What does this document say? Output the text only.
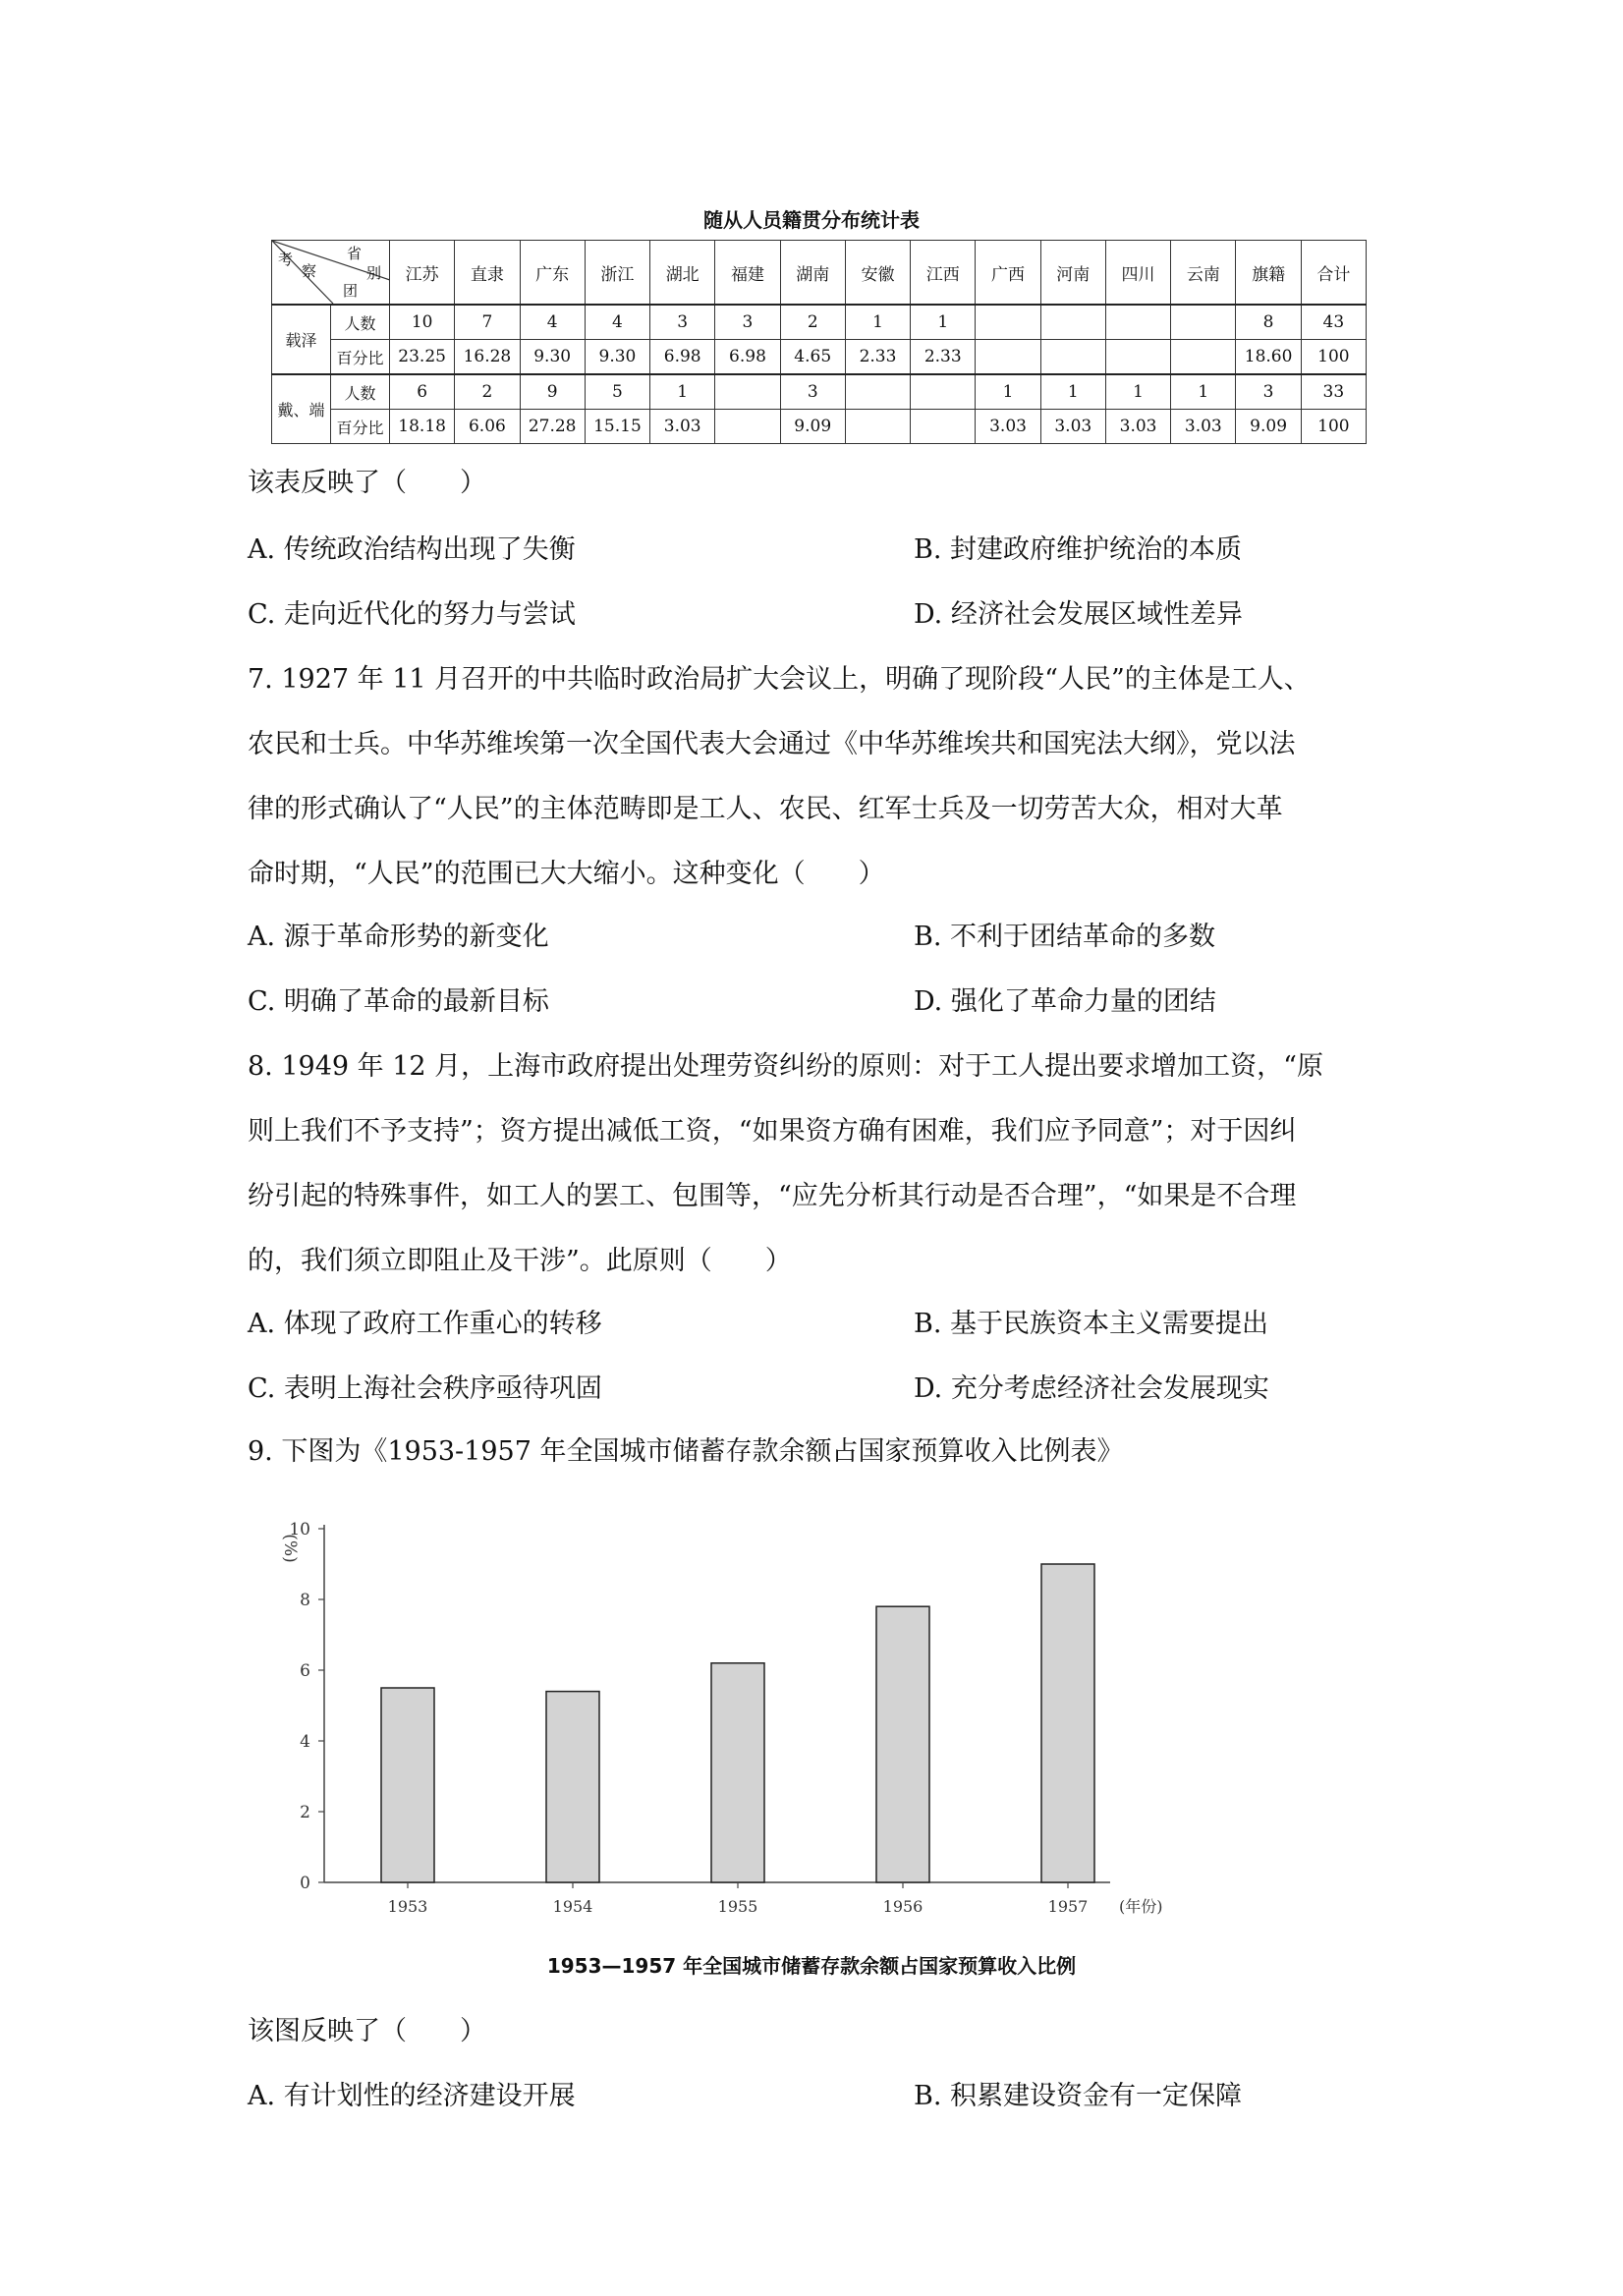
随从人员籍贯分布统计表
考
察
省
别
团		江苏	直隶	广东	浙江	湖北	福建	湖南	安徽	江西	广西	河南	四川	云南	旗籍	合计
载泽	人数	10	7	4	4	3	3	2	1	1					8	43
	百分比	23.25	16.28	9.30	9.30	6.98	6.98	4.65	2.33	2.33					18.60	100
戴、端	人数	6	2	9	5	1		3			1	1	1	1	3	33
	百分比	18.18	6.06	27.28	15.15	3.03		9.09			3.03	3.03	3.03	3.03	9.09	100
该表反映了（　　）
A. 传统政治结构出现了失衡	B. 封建政府维护统治的本质
C. 走向近代化的努力与尝试	D. 经济社会发展区域性差异
7. 1927 年 11 月召开的中共临时政治局扩大会议上，明确了现阶段“人民”的主体是工人、
农民和士兵。中华苏维埃第一次全国代表大会通过《中华苏维埃共和国宪法大纲》，党以法
律的形式确认了“人民”的主体范畴即是工人、农民、红军士兵及一切劳苦大众，相对大革
命时期，“人民”的范围已大大缩小。这种变化（　　）
A. 源于革命形势的新变化	B. 不利于团结革命的多数
C. 明确了革命的最新目标	D. 强化了革命力量的团结
8. 1949 年 12 月，上海市政府提出处理劳资纠纷的原则：对于工人提出要求增加工资，“原
则上我们不予支持”；资方提出减低工资，“如果资方确有困难，我们应予同意”；对于因纠
纷引起的特殊事件，如工人的罢工、包围等，“应先分析其行动是否合理”，“如果是不合理
的，我们须立即阻止及干涉”。此原则（　　）
A. 体现了政府工作重心的转移	B. 基于民族资本主义需要提出
C. 表明上海社会秩序亟待巩固	D. 充分考虑经济社会发展现实
9. 下图为《1953-1957 年全国城市储蓄存款余额占国家预算收入比例表》
0
2
4
6
8
10
(%)
1953	1954	1955	1956	1957 (年份)
1953—1957 年全国城市储蓄存款余额占国家预算收入比例
该图反映了（　　）
A. 有计划性的经济建设开展	B. 积累建设资金有一定保障
